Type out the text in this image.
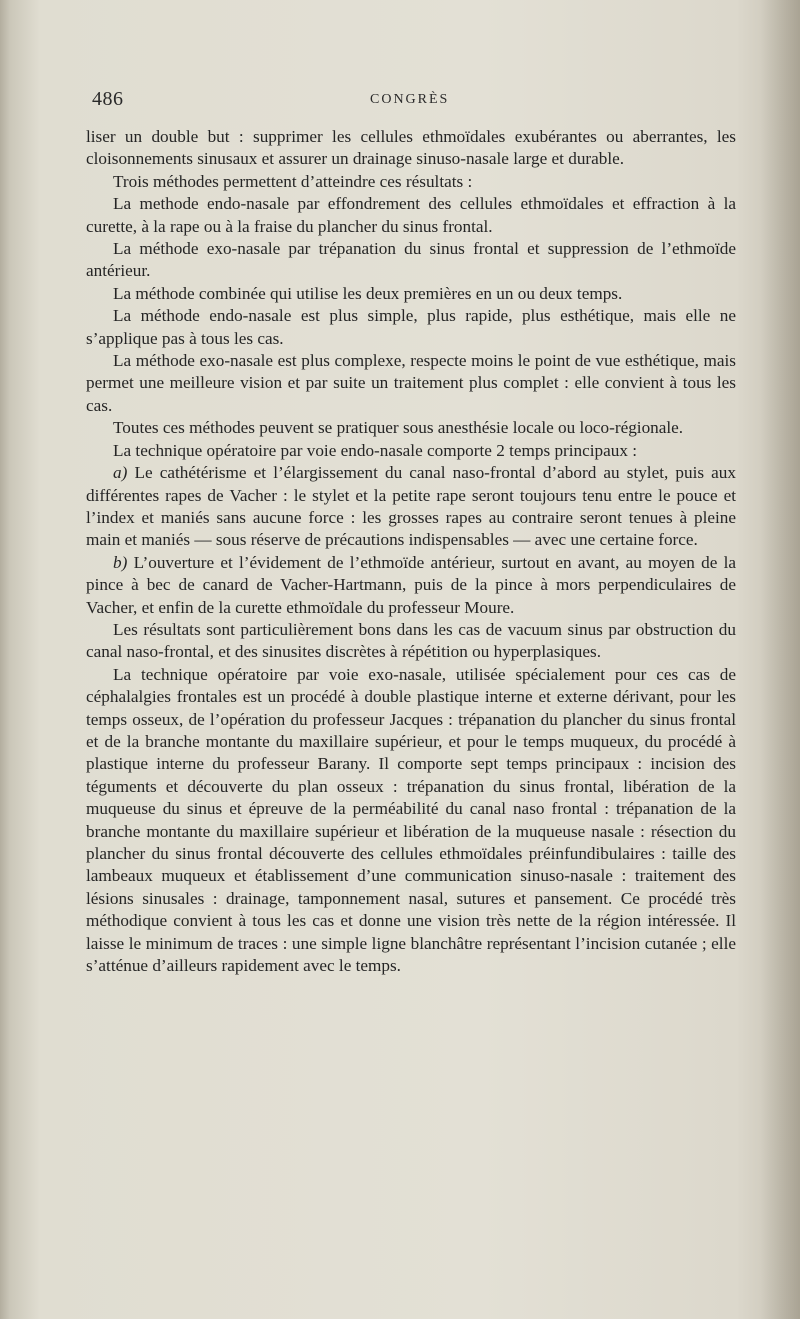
486	CONGRÈS

liser un double but : supprimer les cellules ethmoïdales exubérantes ou aberrantes, les cloisonnements sinusaux et assurer un drainage sinuso-nasale large et durable.

Trois méthodes permettent d’atteindre ces résultats :

La methode endo-nasale par effondrement des cellules ethmoïdales et effraction à la curette, à la rape ou à la fraise du plancher du sinus frontal.

La méthode exo-nasale par trépanation du sinus frontal et suppression de l’ethmoïde antérieur.

La méthode combinée qui utilise les deux premières en un ou deux temps.

La méthode endo-nasale est plus simple, plus rapide, plus esthétique, mais elle ne s’applique pas à tous les cas.

La méthode exo-nasale est plus complexe, respecte moins le point de vue esthétique, mais permet une meilleure vision et par suite un traitement plus complet : elle convient à tous les cas.

Toutes ces méthodes peuvent se pratiquer sous anesthésie locale ou loco-régionale.

La technique opératoire par voie endo-nasale comporte 2 temps principaux :

a) Le cathétérisme et l’élargissement du canal naso-frontal d’abord au stylet, puis aux différentes rapes de Vacher : le stylet et la petite rape seront toujours tenu entre le pouce et l’index et maniés sans aucune force : les grosses rapes au contraire seront tenues à pleine main et maniés — sous réserve de précautions indispensables — avec une certaine force.

b) L’ouverture et l’évidement de l’ethmoïde antérieur, surtout en avant, au moyen de la pince à bec de canard de Vacher-Hartmann, puis de la pince à mors perpendiculaires de Vacher, et enfin de la curette ethmoïdale du professeur Moure.

Les résultats sont particulièrement bons dans les cas de vacuum sinus par obstruction du canal naso-frontal, et des sinusites discrètes à répétition ou hyperplasiques.

La technique opératoire par voie exo-nasale, utilisée spécialement pour ces cas de céphalalgies frontales est un procédé à double plastique interne et externe dérivant, pour les temps osseux, de l’opération du professeur Jacques : trépanation du plancher du sinus frontal et de la branche montante du maxillaire supérieur, et pour le temps muqueux, du procédé à plastique interne du professeur Barany. Il comporte sept temps principaux : incision des téguments et découverte du plan osseux : trépanation du sinus frontal, libération de la muqueuse du sinus et épreuve de la perméabilité du canal naso frontal : trépanation de la branche montante du maxillaire supérieur et libération de la muqueuse nasale : résection du plancher du sinus frontal découverte des cellules ethmoïdales préinfundibulaires : taille des lambeaux muqueux et établissement d’une communication sinuso-nasale : traitement des lésions sinusales : drainage, tamponnement nasal, sutures et pansement. Ce procédé très méthodique convient à tous les cas et donne une vision très nette de la région intéressée. Il laisse le minimum de traces : une simple ligne blanchâtre représentant l’incision cutanée ; elle s’atténue d’ailleurs rapidement avec le temps.
